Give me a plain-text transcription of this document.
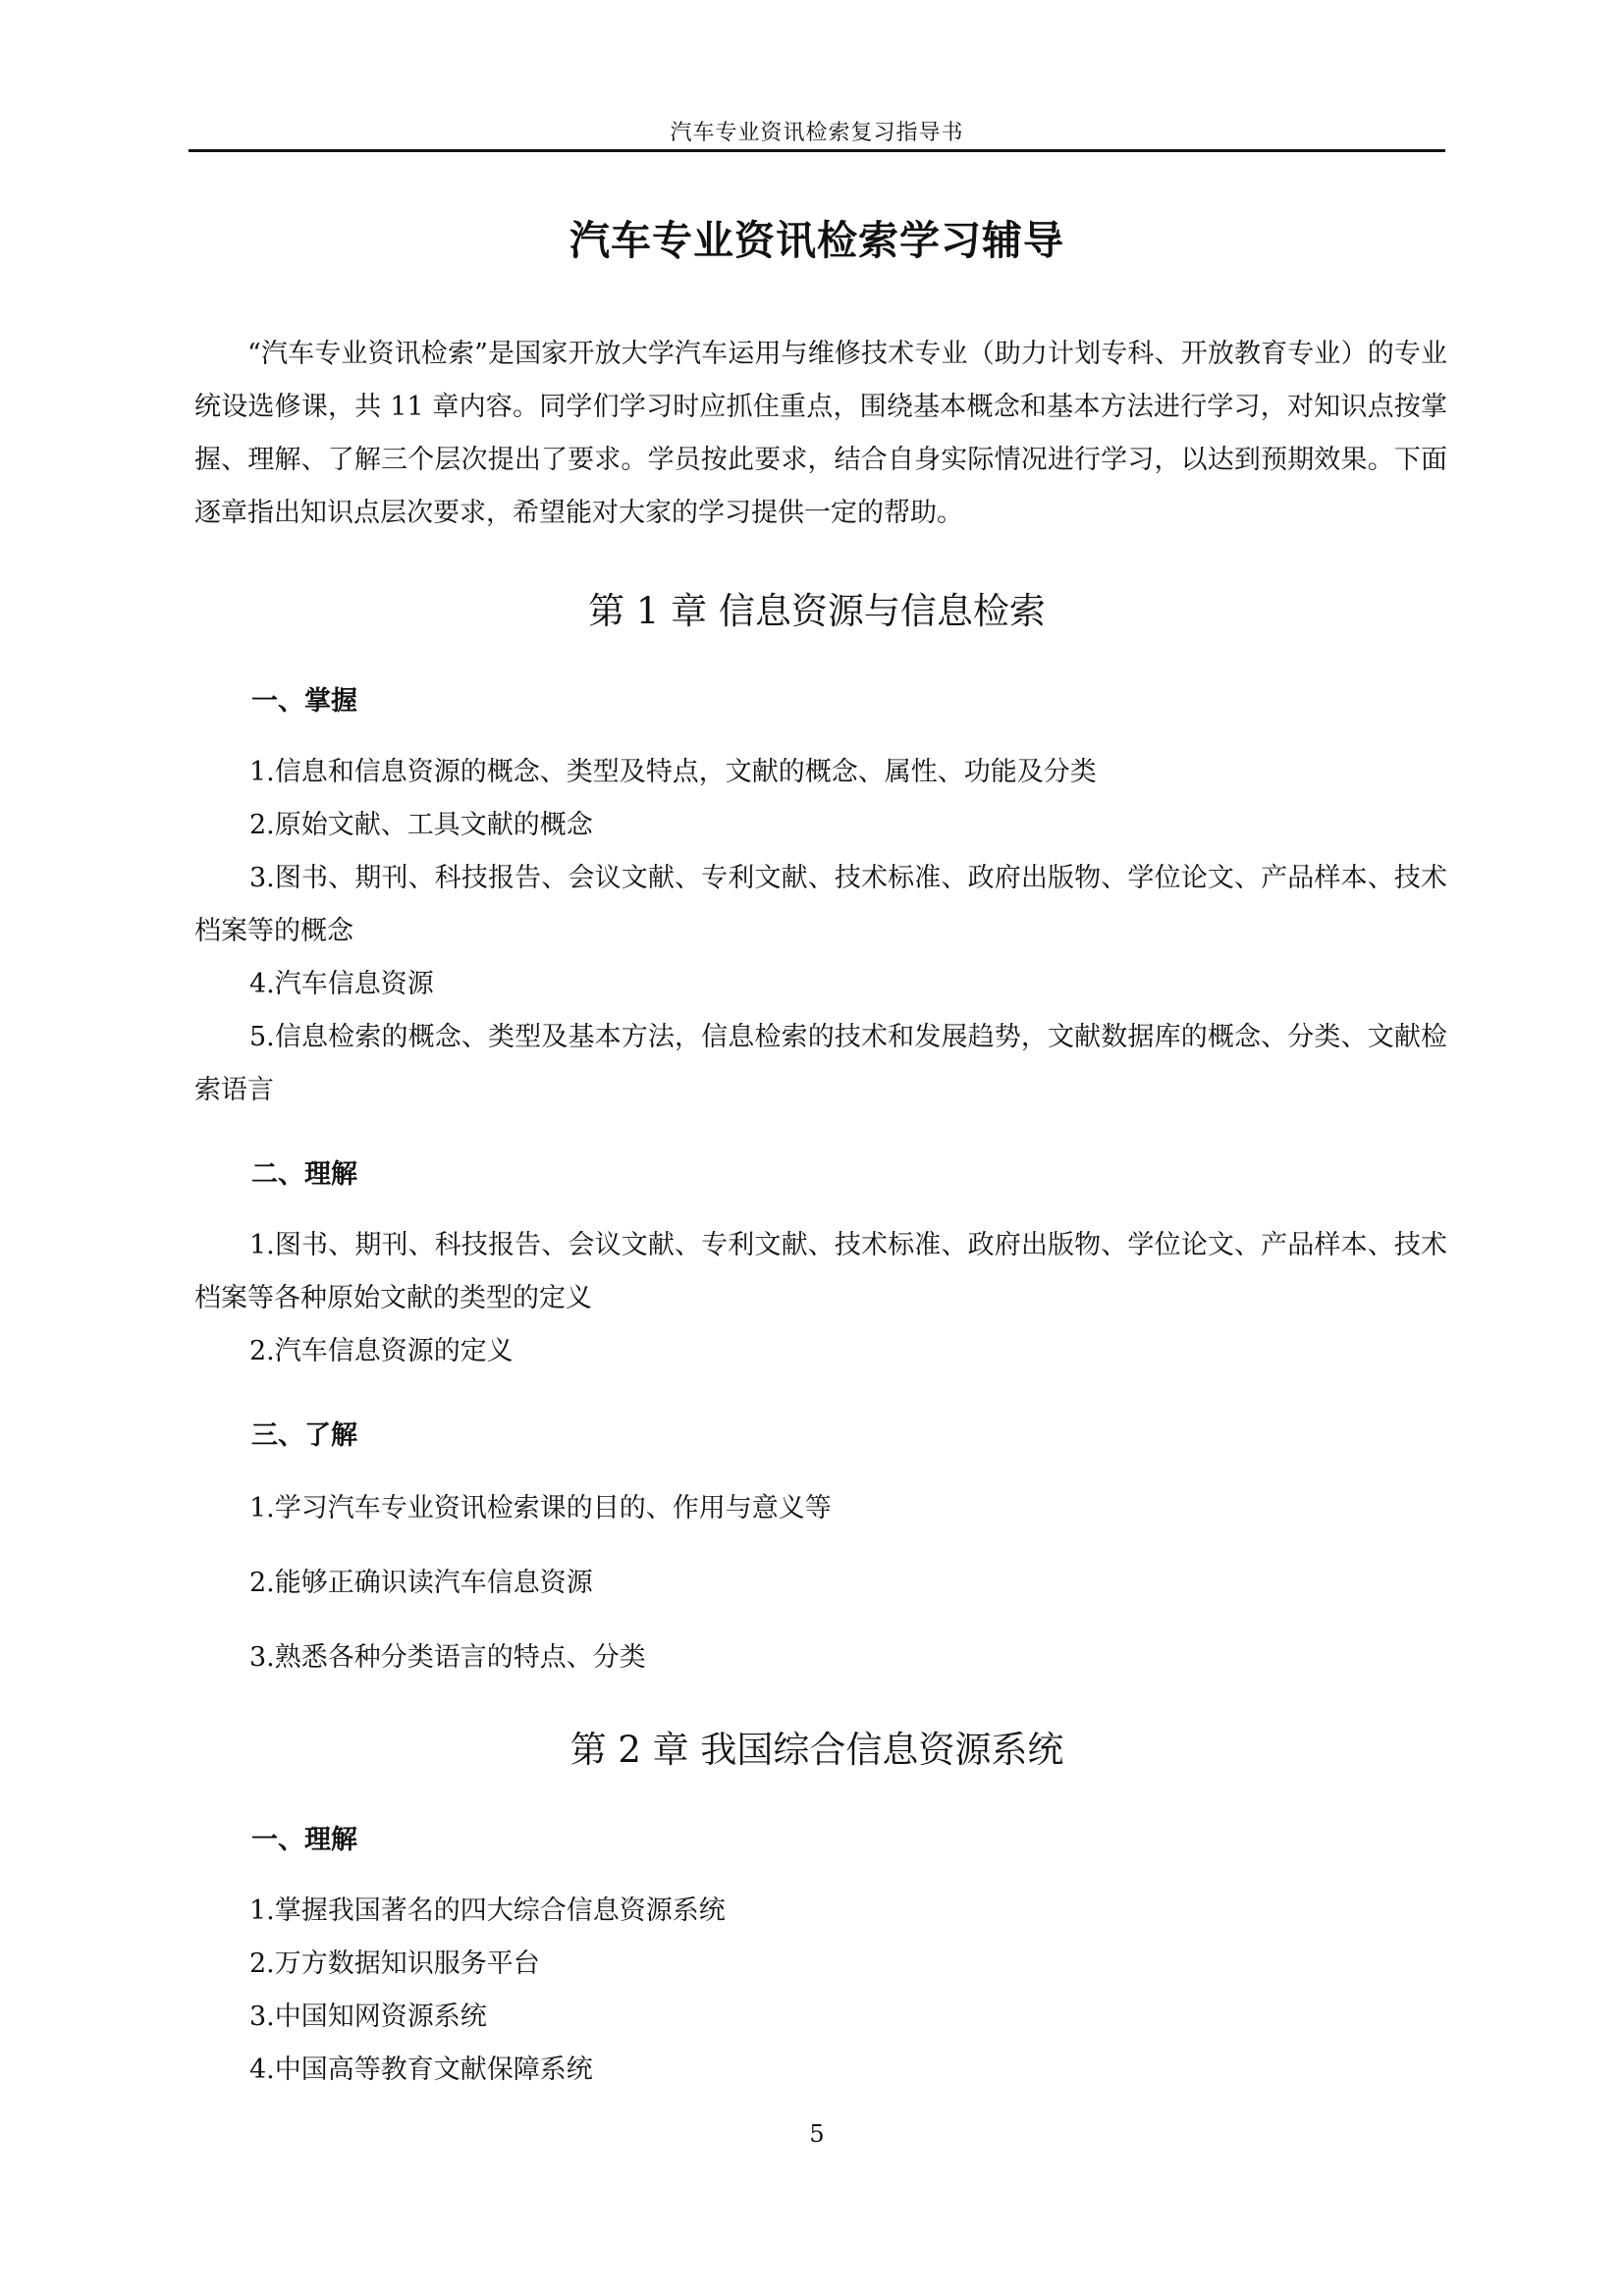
汽车专业资讯检索复习指导书
汽车专业资讯检索学习辅导

“汽车专业资讯检索”是国家开放大学汽车运用与维修技术专业（助力计划专科、开放教育专业）的专业统设选修课，共 11 章内容。同学们学习时应抓住重点，围绕基本概念和基本方法进行学习，对知识点按掌握、理解、了解三个层次提出了要求。学员按此要求，结合自身实际情况进行学习，以达到预期效果。下面逐章指出知识点层次要求，希望能对大家的学习提供一定的帮助。

第 1 章 信息资源与信息检索
一、掌握

1.信息和信息资源的概念、类型及特点，文献的概念、属性、功能及分类

2.原始文献、工具文献的概念

3.图书、期刊、科技报告、会议文献、专利文献、技术标准、政府出版物、学位论文、产品样本、技术档案等的概念

4.汽车信息资源

5.信息检索的概念、类型及基本方法，信息检索的技术和发展趋势，文献数据库的概念、分类、文献检索语言

二、理解

1.图书、期刊、科技报告、会议文献、专利文献、技术标准、政府出版物、学位论文、产品样本、技术档案等各种原始文献的类型的定义

2.汽车信息资源的定义

三、了解

1.学习汽车专业资讯检索课的目的、作用与意义等

2.能够正确识读汽车信息资源

3.熟悉各种分类语言的特点、分类

第 2 章 我国综合信息资源系统
一、理解

1.掌握我国著名的四大综合信息资源系统

2.万方数据知识服务平台

3.中国知网资源系统

4.中国高等教育文献保障系统

5
